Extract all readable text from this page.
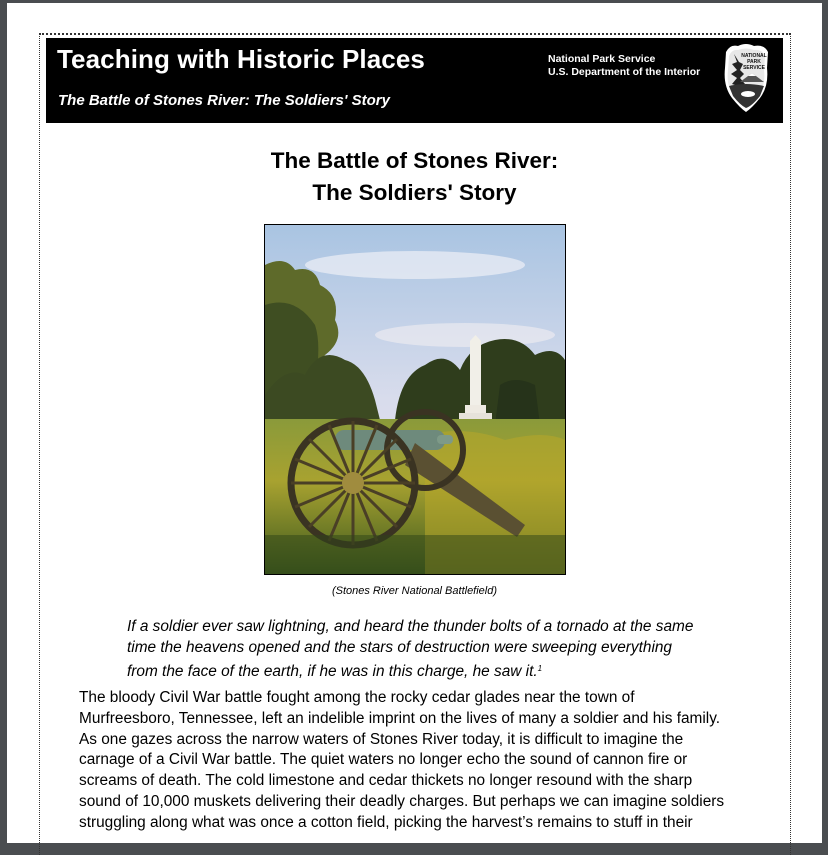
Teaching with Historic Places
The Battle of Stones River: The Soldiers' Story
National Park Service
U.S. Department of the Interior
NATIONAL
PARK
SERVICE
The Battle of Stones River:
The Soldiers' Story
(Stones River National Battlefield)
If a soldier ever saw lightning, and heard the thunder bolts of a tornado at the same
time the heavens opened and the stars of destruction were sweeping everything
from the face of the earth, if he was in this charge, he saw it.$^1$
The bloody Civil War battle fought among the rocky cedar glades near the town of
Murfreesboro, Tennessee, left an indelible imprint on the lives of many a soldier and his family.
As one gazes across the narrow waters of Stones River today, it is difficult to imagine the
carnage of a Civil War battle. The quiet waters no longer echo the sound of cannon fire or
screams of death. The cold limestone and cedar thickets no longer resound with the sharp
sound of 10,000 muskets delivering their deadly charges. But perhaps we can imagine soldiers
struggling along what was once a cotton field, picking the harvest’s remains to stuff in their
